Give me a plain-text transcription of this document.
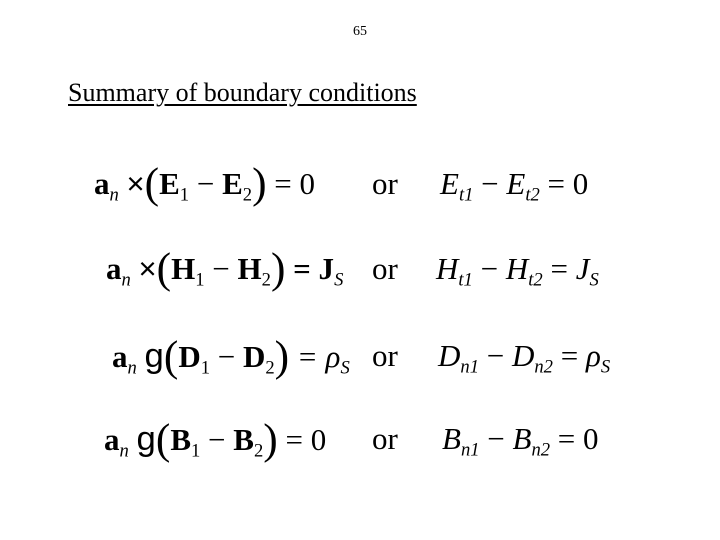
65
Summary of boundary conditions
$a_n \times(E_1 - E_2) = 0$ or $E_{t1} - E_{t2} = 0$
$a_n \times(H_1 - H_2) = J_S$ or $H_{t1} - H_{t2} = J_S$
$a_n$ $g(D_1 - D_2) = \rho_S$ or $D_{n1} - D_{n2} = \rho_S$
$a_n$ $g(B_1 - B_2) = 0$ or $B_{n1} - B_{n2} = 0$
